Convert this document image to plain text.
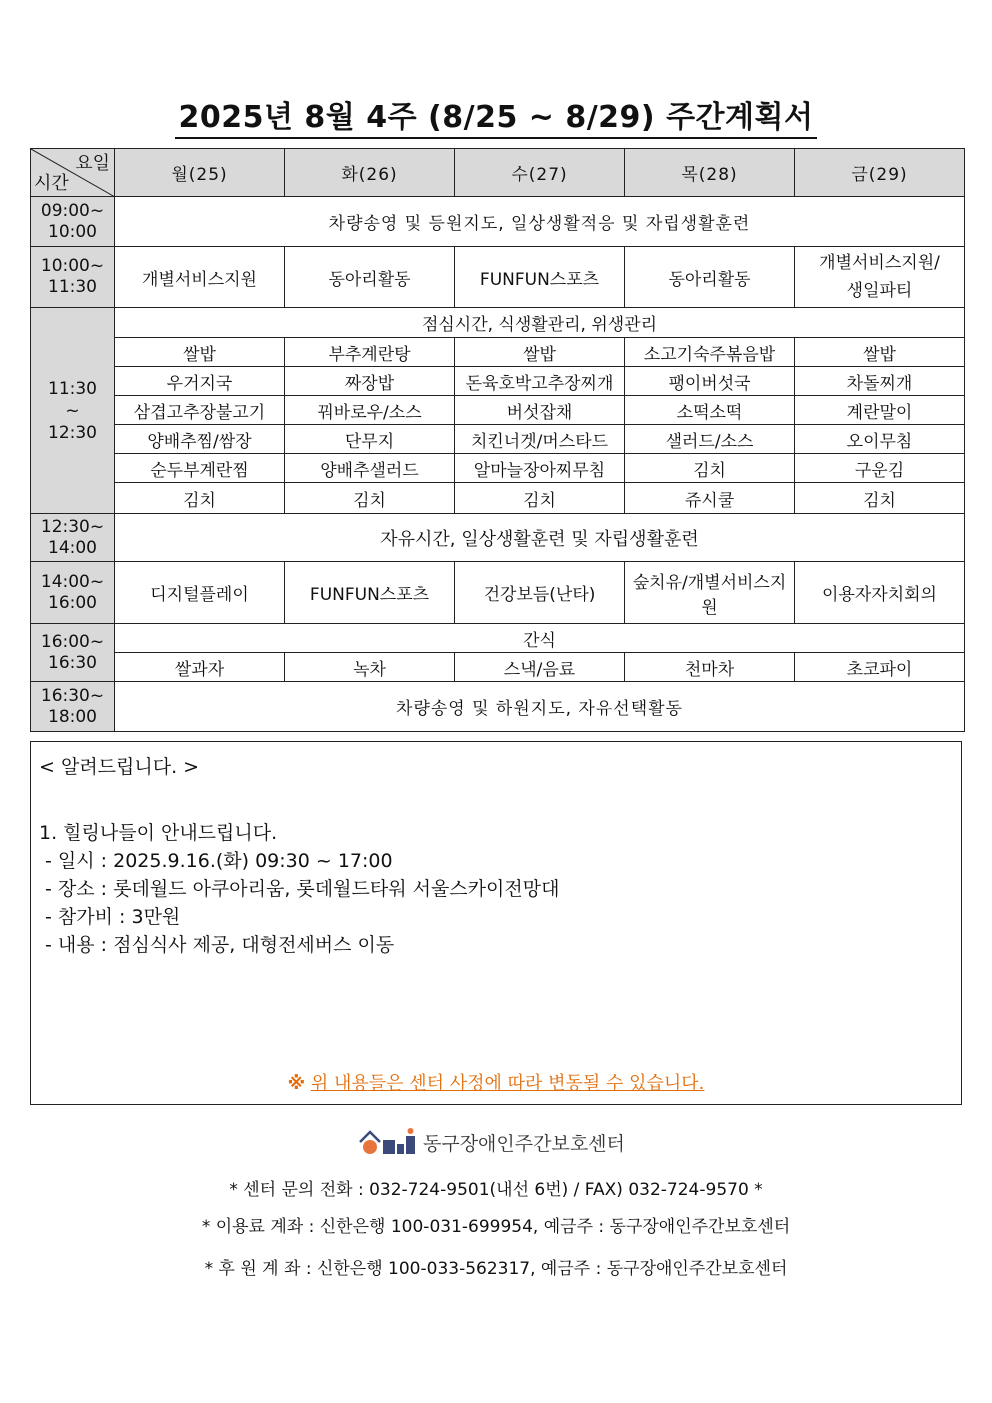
2025년 8월 4주 (8/25 ~ 8/29) 주간계획서
요일
시간	월(25)	화(26)	수(27)	목(28)	금(29)
09:00~
10:00	차량송영 및 등원지도, 일상생활적응 및 자립생활훈련				
10:00~
11:30	개별서비스지원	동아리활동	FUNFUN스포츠	동아리활동	개별서비스지원/
생일파티
11:30
~
12:30	점심시간, 식생활관리, 위생관리				
	쌀밥	부추계란탕	쌀밥	소고기숙주볶음밥	쌀밥
	우거지국	짜장밥	돈육호박고추장찌개	팽이버섯국	차돌찌개
	삼겹고추장불고기	꿔바로우/소스	버섯잡채	소떡소떡	계란말이
	양배추찜/쌈장	단무지	치킨너겟/머스타드	샐러드/소스	오이무침
	순두부계란찜	양배추샐러드	알마늘장아찌무침	김치	구운김
	김치	김치	김치	쥬시쿨	김치
12:30~
14:00	자유시간, 일상생활훈련 및 자립생활훈련				
14:00~
16:00	디지털플레이	FUNFUN스포츠	건강보듬(난타)	숲치유/개별서비스지원	이용자자치회의
16:00~
16:30	간식				
	쌀과자	녹차	스낵/음료	천마차	초코파이
16:30~
18:00	차량송영 및 하원지도, 자유선택활동				
< 알려드립니다. >
1. 힐링나들이 안내드립니다.
- 일시 : 2025.9.16.(화) 09:30 ~ 17:00
- 장소 : 롯데월드 아쿠아리움, 롯데월드타워 서울스카이전망대
- 참가비 : 3만원
- 내용 : 점심식사 제공, 대형전세버스 이동
※ 위 내용들은 센터 사정에 따라 변동될 수 있습니다.
동구장애인주간보호센터
* 센터 문의 전화 : 032-724-9501(내선 6번) / FAX) 032-724-9570 *
* 이용료 계좌 : 신한은행 100-031-699954, 예금주 : 동구장애인주간보호센터
* 후 원 계 좌 : 신한은행 100-033-562317, 예금주 : 동구장애인주간보호센터
